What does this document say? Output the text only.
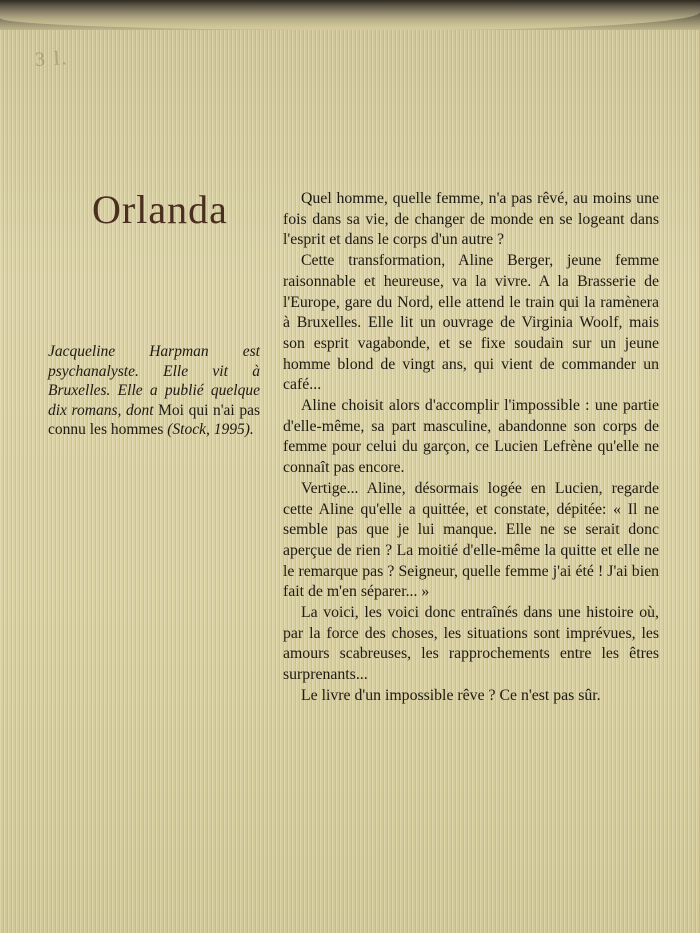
3 l.
Orlanda

Jacqueline Harpman est psychanalyste. Elle vit à Bruxelles. Elle a publié quelque dix romans, dont Moi qui n'ai pas connu les hommes (Stock, 1995).

Quel homme, quelle femme, n'a pas rêvé, au moins une fois dans sa vie, de changer de monde en se logeant dans l'esprit et dans le corps d'un autre ?

Cette transformation, Aline Berger, jeune femme raisonnable et heureuse, va la vivre. A la Brasserie de l'Europe, gare du Nord, elle attend le train qui la ramènera à Bruxelles. Elle lit un ouvrage de Virginia Woolf, mais son esprit vagabonde, et se fixe soudain sur un jeune homme blond de vingt ans, qui vient de commander un café...

Aline choisit alors d'accomplir l'impossible : une partie d'elle-même, sa part masculine, abandonne son corps de femme pour celui du garçon, ce Lucien Lefrène qu'elle ne connaît pas encore.

Vertige... Aline, désormais logée en Lucien, regarde cette Aline qu'elle a quittée, et constate, dépitée: « Il ne semble pas que je lui manque. Elle ne se serait donc aperçue de rien ? La moitié d'elle-même la quitte et elle ne le remarque pas ? Seigneur, quelle femme j'ai été ! J'ai bien fait de m'en séparer... »

La voici, les voici donc entraînés dans une histoire où, par la force des choses, les situations sont imprévues, les amours scabreuses, les rapprochements entre les êtres surprenants...

Le livre d'un impossible rêve ? Ce n'est pas sûr.
